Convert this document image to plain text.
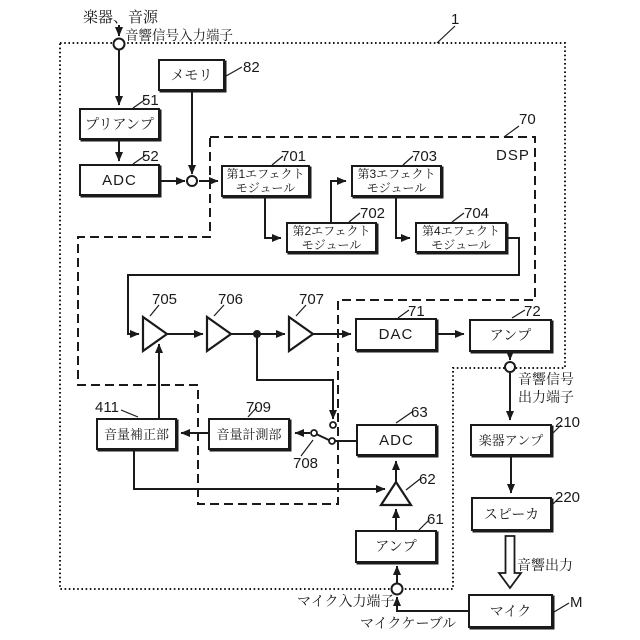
メモリ
プリアンプ
ADC	第1エフェクト
モジュール
第3エフェクト
モジュール
第2エフェクト
モジュール
第4エフェクト
モジュール
DAC	アンプ
音量補正部	音量計測部	ADC
アンプ
楽器アンプ
スピーカ
マイク
1
70
82
51
52	701	703
702	704
705	706	707
71	72
63
62
61
411	709
708
210
220
M
楽器、音源
音響信号入力端子
DSP
音響信号
出力端子
音響出力
マイク入力端子
マイクケーブル
